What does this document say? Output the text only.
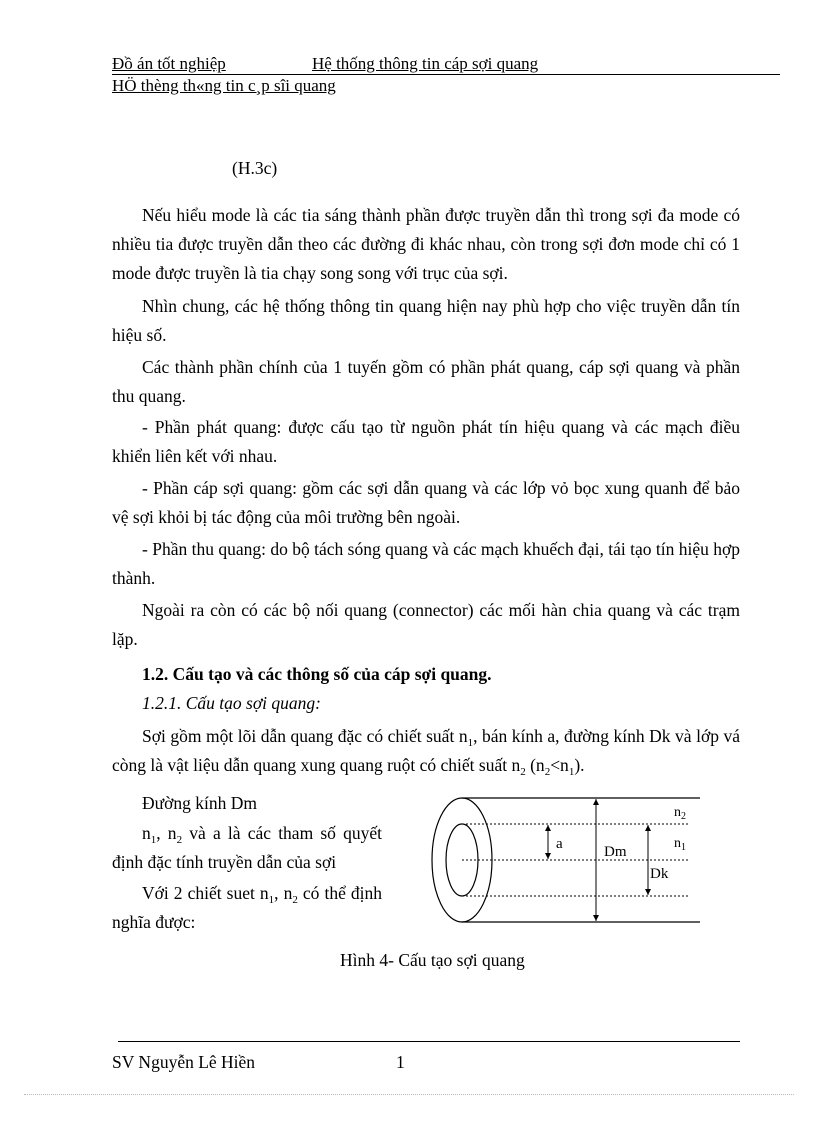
Đồ án tốt nghiệp	Hệ thống thông tin cáp sợi quang
HÖ thèng th«ng tin c¸p sîi quang
(H.3c)
Nếu hiểu mode là các tia sáng thành phần được truyền dẫn thì trong sợi đa mode có nhiều tia được truyền dẫn theo các đường đi khác nhau, còn trong sợi đơn mode chỉ có 1 mode được truyền là tia chạy song song với trục của sợi.
Nhìn chung, các hệ thống thông tin quang hiện nay phù hợp cho việc truyền dẫn tín hiệu số.
Các thành phần chính của 1 tuyến gồm có phần phát quang, cáp sợi quang và phần thu quang.
- Phần phát quang: được cấu tạo từ nguồn phát tín hiệu quang và các mạch điều khiển liên kết với nhau.
- Phần cáp sợi quang: gồm các sợi dẫn quang và các lớp vỏ bọc xung quanh để bảo vệ sợi khỏi bị tác động của môi trường bên ngoài.
- Phần thu quang: do bộ tách sóng quang và các mạch khuếch đại, tái tạo tín hiệu hợp thành.
Ngoài ra còn có các bộ nối quang (connector) các mối hàn chia quang và các trạm lặp.
1.2. Cấu tạo và các thông số của cáp sợi quang.
1.2.1. Cấu tạo sợi quang:
Sợi gồm một lõi dẫn quang đặc có chiết suất $n_1$, bán kính a, đường kính Dk và lớp vá còng là vật liệu dẫn quang xung quang ruột có chiết suất $n_2$ $(n_2<n_1)$.
Đường kính Dm
$n_1$, $n_2$ và a là các tham số quyết định đặc tính truyền dẫn của sợi
Với 2 chiết suet $n_1$, $n_2$ có thể định nghĩa được:
a	Dm
Dk
$n_2$
$n_1$
Hình 4- Cấu tạo sợi quang
SV Nguyễn Lê Hiền	1
